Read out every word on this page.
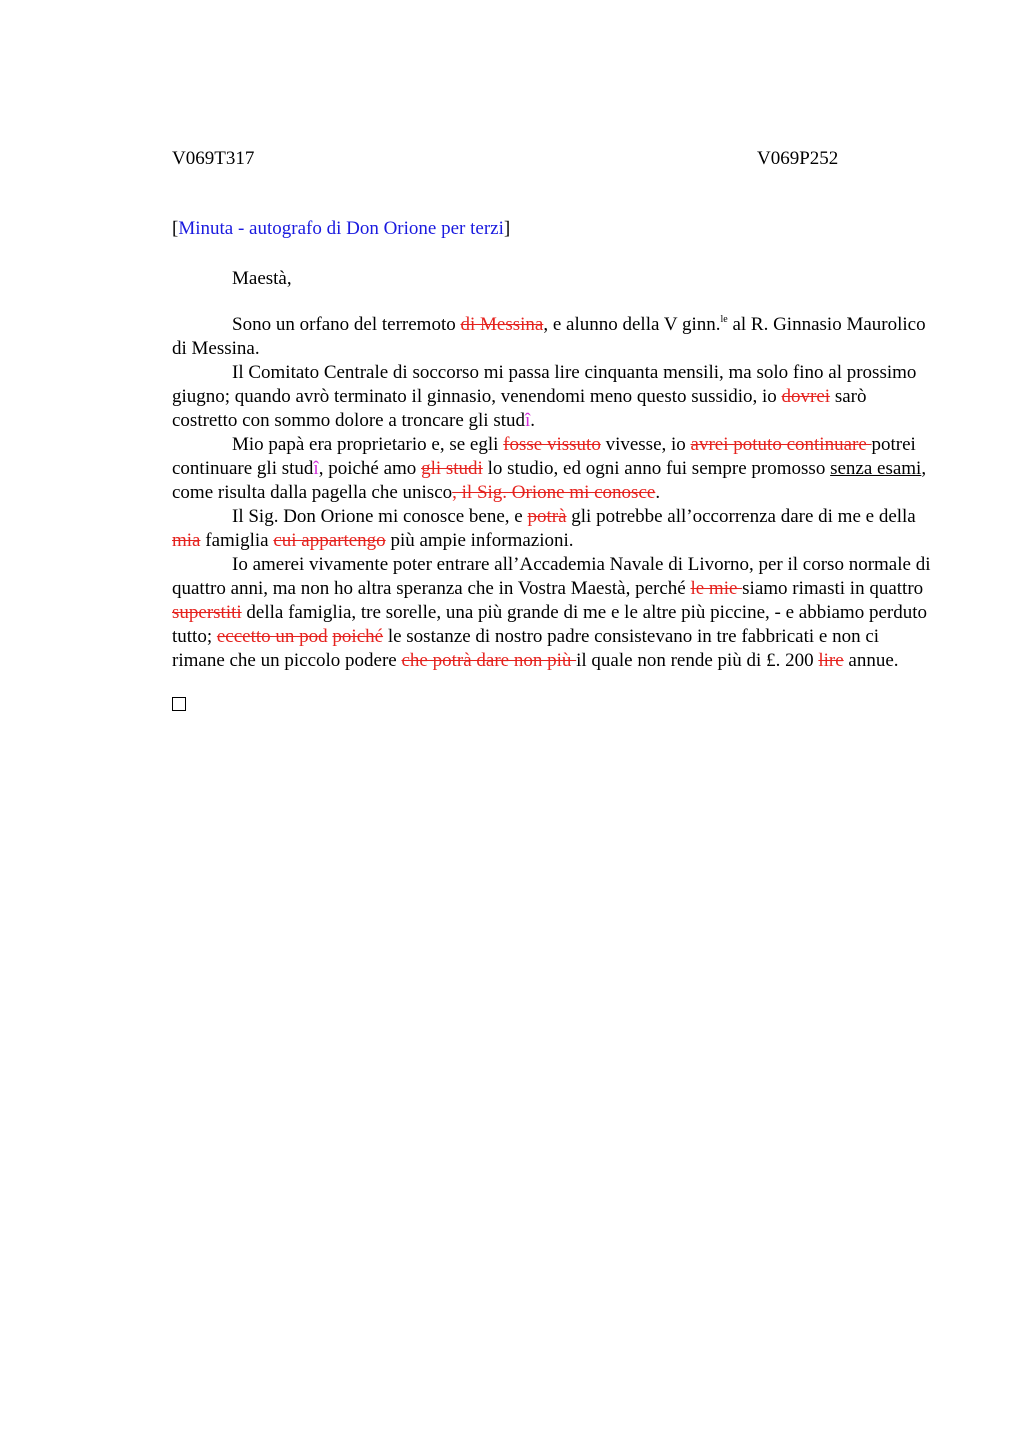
V069T317	V069P252
[Minuta - autografo di Don Orione per terzi]
Maestà,

Sono un orfano del terremoto di Messina, e alunno della V ginn.$^{le}$ al R. Ginnasio Maurolico di Messina.

Il Comitato Centrale di soccorso mi passa lire cinquanta mensili, ma solo fino al prossimo giugno; quando avrò terminato il ginnasio, venendomi meno questo sussidio, io dovrei sarò costretto con sommo dolore a troncare gli studî.

Mio papà era proprietario e, se egli fosse vissuto vivesse, io avrei potuto continuare potrei continuare gli studî, poiché amo gli studi lo studio, ed ogni anno fui sempre promosso senza esami, come risulta dalla pagella che unisco, il Sig. Orione mi conosce.

Il Sig. Don Orione mi conosce bene, e potrà gli potrebbe all’occorrenza dare di me e della mia famiglia cui appartengo più ampie informazioni.

Io amerei vivamente poter entrare all’Accademia Navale di Livorno, per il corso normale di quattro anni, ma non ho altra speranza che in Vostra Maestà, perché le mie siamo rimasti in quattro superstiti della famiglia, tre sorelle, una più grande di me e le altre più piccine, - e abbiamo perduto tutto; eccetto un pod poiché le sostanze di nostro padre consistevano in tre fabbricati e non ci rimane che un piccolo podere che potrà dare non più il quale non rende più di £. 200 lire annue.
